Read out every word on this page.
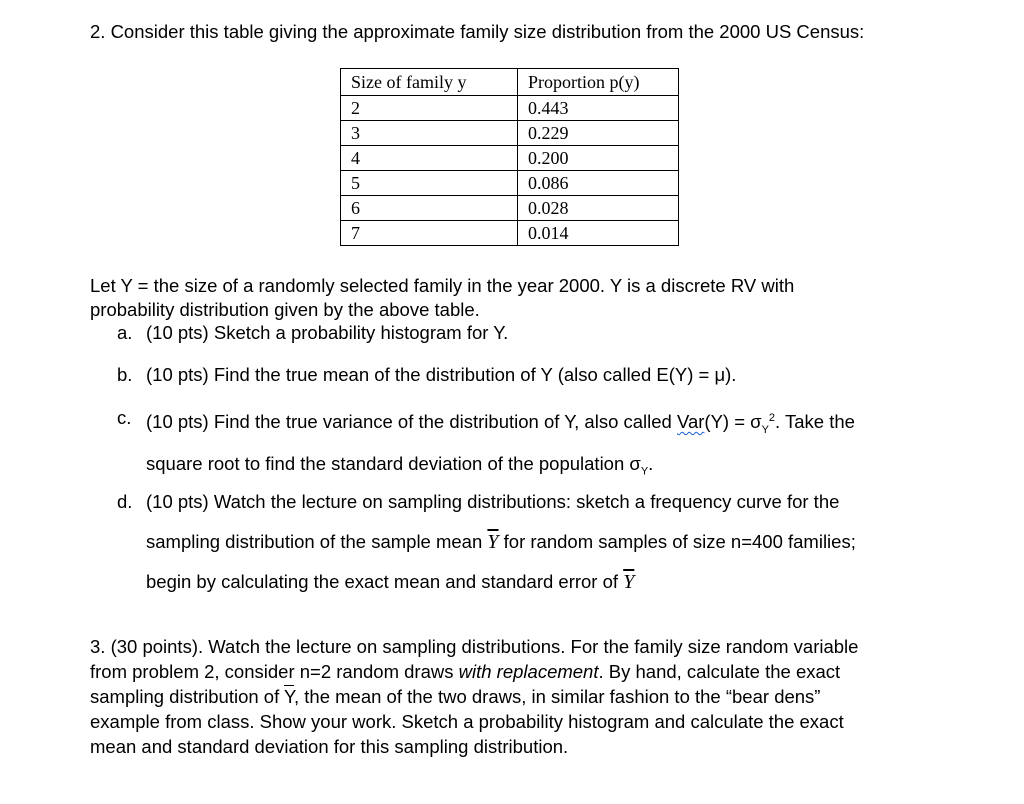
2. Consider this table giving the approximate family size distribution from the 2000 US Census:
Size of family y	Proportion p(y)
2	0.443
3	0.229
4	0.200
5	0.086
6	0.028
7	0.014
Let Y = the size of a randomly selected family in the year 2000. Y is a discrete RV with
probability distribution given by the above table.
a. (10 pts) Sketch a probability histogram for Y.
b. (10 pts) Find the true mean of the distribution of Y (also called E(Y) = μ).
c. (10 pts) Find the true variance of the distribution of Y, also called $Var(Y) = \sigma_Y^2$. Take the
square root to find the standard deviation of the population $\sigma_Y$.
d. (10 pts) Watch the lecture on sampling distributions: sketch a frequency curve for the
sampling distribution of the sample mean $\overline{Y}$ for random samples of size n=400 families;
begin by calculating the exact mean and standard error of $\overline{Y}$
3. (30 points). Watch the lecture on sampling distributions. For the family size random variable
from problem 2, consider n=2 random draws with replacement. By hand, calculate the exact
sampling distribution of $\overline{Y}$, the mean of the two draws, in similar fashion to the “bear dens”
example from class. Show your work. Sketch a probability histogram and calculate the exact
mean and standard deviation for this sampling distribution.
